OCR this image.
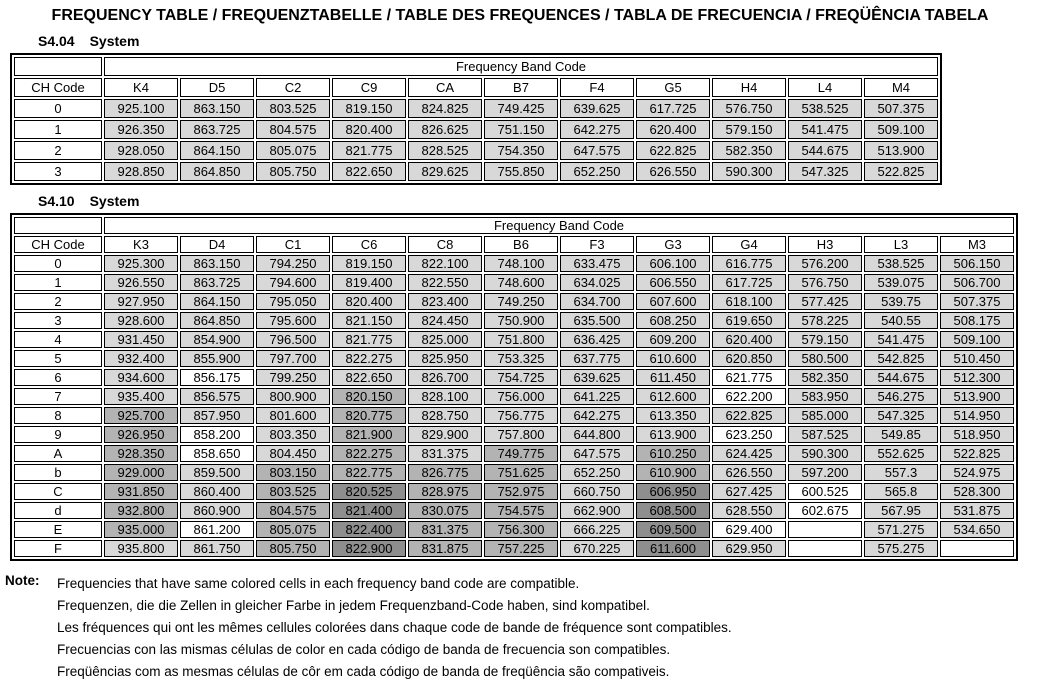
FREQUENCY TABLE / FREQUENZTABELLE / TABLE DES FREQUENCES / TABLA DE FRECUENCIA / FREQÜÊNCIA TABELA
S4.04 System
	Frequency Band Code										
CH Code	K4	D5	C2	C9	CA	B7	F4	G5	H4	L4	M4
0	925.100	863.150	803.525	819.150	824.825	749.425	639.625	617.725	576.750	538.525	507.375
1	926.350	863.725	804.575	820.400	826.625	751.150	642.275	620.400	579.150	541.475	509.100
2	928.050	864.150	805.075	821.775	828.525	754.350	647.575	622.825	582.350	544.675	513.900
3	928.850	864.850	805.750	822.650	829.625	755.850	652.250	626.550	590.300	547.325	522.825
S4.10 System
	Frequency Band Code											
CH Code	K3	D4	C1	C6	C8	B6	F3	G3	G4	H3	L3	M3
0	925.300	863.150	794.250	819.150	822.100	748.100	633.475	606.100	616.775	576.200	538.525	506.150
1	926.550	863.725	794.600	819.400	822.550	748.600	634.025	606.550	617.725	576.750	539.075	506.700
2	927.950	864.150	795.050	820.400	823.400	749.250	634.700	607.600	618.100	577.425	539.75	507.375
3	928.600	864.850	795.600	821.150	824.450	750.900	635.500	608.250	619.650	578.225	540.55	508.175
4	931.450	854.900	796.500	821.775	825.000	751.800	636.425	609.200	620.400	579.150	541.475	509.100
5	932.400	855.900	797.700	822.275	825.950	753.325	637.775	610.600	620.850	580.500	542.825	510.450
6	934.600	856.175	799.250	822.650	826.700	754.725	639.625	611.450	621.775	582.350	544.675	512.300
7	935.400	856.575	800.900	820.150	828.100	756.000	641.225	612.600	622.200	583.950	546.275	513.900
8	925.700	857.950	801.600	820.775	828.750	756.775	642.275	613.350	622.825	585.000	547.325	514.950
9	926.950	858.200	803.350	821.900	829.900	757.800	644.800	613.900	623.250	587.525	549.85	518.950
A	928.350	858.650	804.450	822.275	831.375	749.775	647.575	610.250	624.425	590.300	552.625	522.825
b	929.000	859.500	803.150	822.775	826.775	751.625	652.250	610.900	626.550	597.200	557.3	524.975
C	931.850	860.400	803.525	820.525	828.975	752.975	660.750	606.950	627.425	600.525	565.8	528.300
d	932.800	860.900	804.575	821.400	830.075	754.575	662.900	608.500	628.550	602.675	567.95	531.875
E	935.000	861.200	805.075	822.400	831.375	756.300	666.225	609.500	629.400		571.275	534.650
F	935.800	861.750	805.750	822.900	831.875	757.225	670.225	611.600	629.950		575.275	
Note:	Frequencies that have same colored cells in each frequency band code are compatible.
Frequenzen, die die Zellen in gleicher Farbe in jedem Frequenzband-Code haben, sind kompatibel.
Les fréquences qui ont les mêmes cellules colorées dans chaque code de bande de fréquence sont compatibles.
Frecuencias con las mismas células de color en cada código de banda de frecuencia son compatibles.
Freqüências com as mesmas células de côr em cada código de banda de freqüência são compativeis.
